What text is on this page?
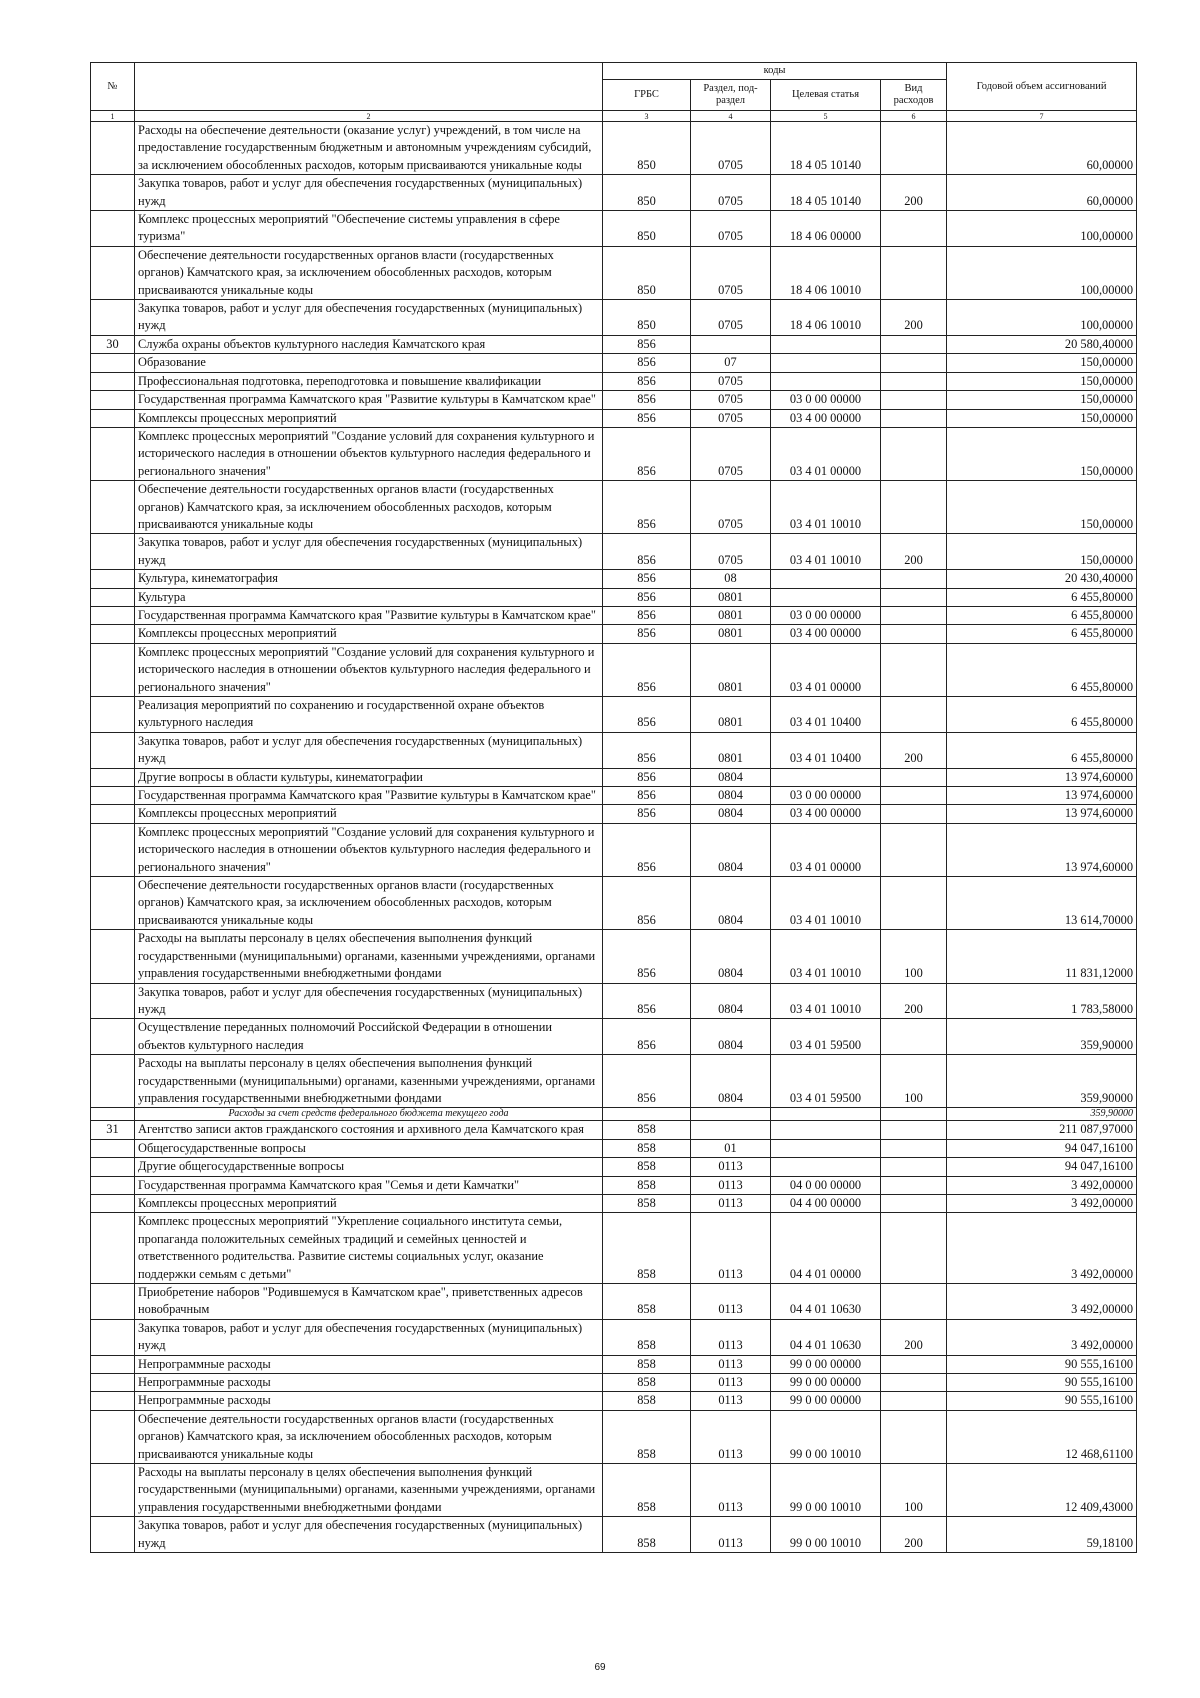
№		коды				Годовой объем ассигнований
		ГРБС	Раздел, под-раздел	Целевая статья	Вид расходов	
1	2	3	4	5	6	7
	Расходы на обеспечение деятельности (оказание услуг) учреждений, в том числе на предоставление государственным бюджетным и автономным учреждениям субсидий, за исключением обособленных расходов, которым присваиваются уникальные коды	850	0705	18 4 05 10140		60,00000
	Закупка товаров, работ и услуг для обеспечения государственных (муниципальных) нужд	850	0705	18 4 05 10140	200	60,00000
	Комплекс процессных мероприятий "Обеспечение системы управления в сфере туризма"	850	0705	18 4 06 00000		100,00000
	Обеспечение деятельности государственных органов власти (государственных органов) Камчатского края, за исключением обособленных расходов, которым присваиваются уникальные коды	850	0705	18 4 06 10010		100,00000
	Закупка товаров, работ и услуг для обеспечения государственных (муниципальных) нужд	850	0705	18 4 06 10010	200	100,00000
30	Служба охраны объектов культурного наследия Камчатского края	856				20 580,40000
	Образование	856	07			150,00000
	Профессиональная подготовка, переподготовка и повышение квалификации	856	0705			150,00000
	Государственная программа Камчатского края "Развитие культуры в Камчатском крае"	856	0705	03 0 00 00000		150,00000
	Комплексы процессных мероприятий	856	0705	03 4 00 00000		150,00000
	Комплекс процессных мероприятий "Создание условий для сохранения культурного и исторического наследия в отношении объектов культурного наследия федерального и регионального значения"	856	0705	03 4 01 00000		150,00000
	Обеспечение деятельности государственных органов власти (государственных органов) Камчатского края, за исключением обособленных расходов, которым присваиваются уникальные коды	856	0705	03 4 01 10010		150,00000
	Закупка товаров, работ и услуг для обеспечения государственных (муниципальных) нужд	856	0705	03 4 01 10010	200	150,00000
	Культура, кинематография	856	08			20 430,40000
	Культура	856	0801			6 455,80000
	Государственная программа Камчатского края "Развитие культуры в Камчатском крае"	856	0801	03 0 00 00000		6 455,80000
	Комплексы процессных мероприятий	856	0801	03 4 00 00000		6 455,80000
	Комплекс процессных мероприятий "Создание условий для сохранения культурного и исторического наследия в отношении объектов культурного наследия федерального и регионального значения"	856	0801	03 4 01 00000		6 455,80000
	Реализация мероприятий по сохранению и государственной охране объектов культурного наследия	856	0801	03 4 01 10400		6 455,80000
	Закупка товаров, работ и услуг для обеспечения государственных (муниципальных) нужд	856	0801	03 4 01 10400	200	6 455,80000
	Другие вопросы в области культуры, кинематографии	856	0804			13 974,60000
	Государственная программа Камчатского края "Развитие культуры в Камчатском крае"	856	0804	03 0 00 00000		13 974,60000
	Комплексы процессных мероприятий	856	0804	03 4 00 00000		13 974,60000
	Комплекс процессных мероприятий "Создание условий для сохранения культурного и исторического наследия в отношении объектов культурного наследия федерального и регионального значения"	856	0804	03 4 01 00000		13 974,60000
	Обеспечение деятельности государственных органов власти (государственных органов) Камчатского края, за исключением обособленных расходов, которым присваиваются уникальные коды	856	0804	03 4 01 10010		13 614,70000
	Расходы на выплаты персоналу в целях обеспечения выполнения функций государственными (муниципальными) органами, казенными учреждениями, органами управления государственными внебюджетными фондами	856	0804	03 4 01 10010	100	11 831,12000
	Закупка товаров, работ и услуг для обеспечения государственных (муниципальных) нужд	856	0804	03 4 01 10010	200	1 783,58000
	Осуществление переданных полномочий Российской Федерации в отношении объектов культурного наследия	856	0804	03 4 01 59500		359,90000
	Расходы на выплаты персоналу в целях обеспечения выполнения функций государственными (муниципальными) органами, казенными учреждениями, органами управления государственными внебюджетными фондами	856	0804	03 4 01 59500	100	359,90000
	Расходы за счет средств федерального бюджета текущего года					359,90000
31	Агентство записи актов гражданского состояния и архивного дела Камчатского края	858				211 087,97000
	Общегосударственные вопросы	858	01			94 047,16100
	Другие общегосударственные вопросы	858	0113			94 047,16100
	Государственная программа Камчатского края "Семья и дети Камчатки"	858	0113	04 0 00 00000		3 492,00000
	Комплексы процессных мероприятий	858	0113	04 4 00 00000		3 492,00000
	Комплекс процессных мероприятий "Укрепление социального института семьи, пропаганда положительных семейных традиций и семейных ценностей и ответственного родительства. Развитие системы социальных услуг, оказание поддержки семьям с детьми"	858	0113	04 4 01 00000		3 492,00000
	Приобретение наборов "Родившемуся в Камчатском крае", приветственных адресов новобрачным	858	0113	04 4 01 10630		3 492,00000
	Закупка товаров, работ и услуг для обеспечения государственных (муниципальных) нужд	858	0113	04 4 01 10630	200	3 492,00000
	Непрограммные расходы	858	0113	99 0 00 00000		90 555,16100
	Непрограммные расходы	858	0113	99 0 00 00000		90 555,16100
	Непрограммные расходы	858	0113	99 0 00 00000		90 555,16100
	Обеспечение деятельности государственных органов власти (государственных органов) Камчатского края, за исключением обособленных расходов, которым присваиваются уникальные коды	858	0113	99 0 00 10010		12 468,61100
	Расходы на выплаты персоналу в целях обеспечения выполнения функций государственными (муниципальными) органами, казенными учреждениями, органами управления государственными внебюджетными фондами	858	0113	99 0 00 10010	100	12 409,43000
	Закупка товаров, работ и услуг для обеспечения государственных (муниципальных) нужд	858	0113	99 0 00 10010	200	59,18100
69
